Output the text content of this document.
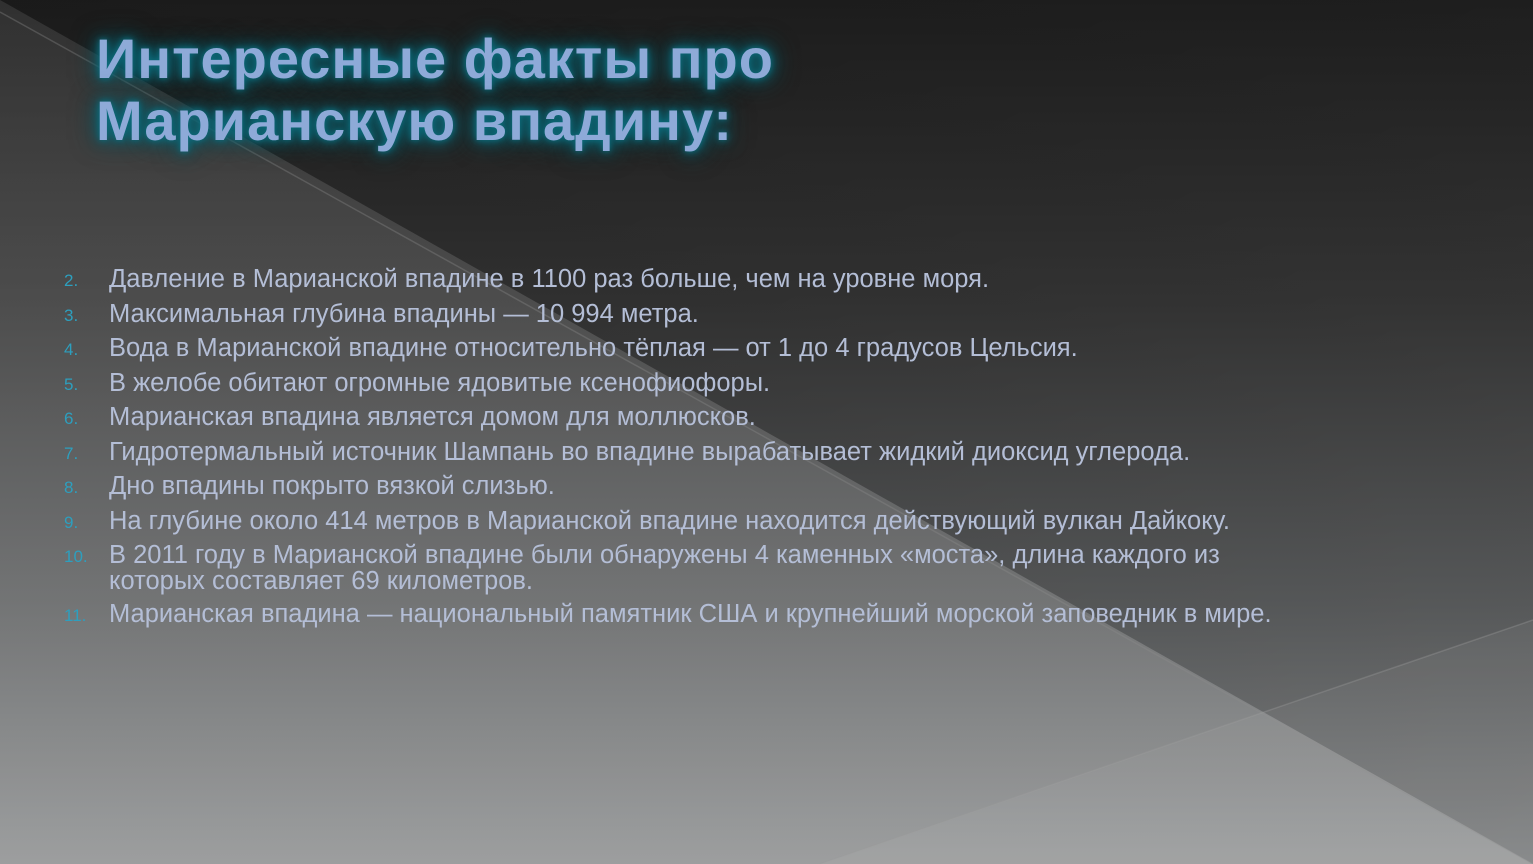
Интересные факты про
Марианскую впадину:
2.	Давление в Марианской впадине в 1100 раз больше, чем на уровне моря.
3.	Максимальная глубина впадины — 10 994 метра.
4.	Вода в Марианской впадине относительно тёплая — от 1 до 4 градусов Цельсия.
5.	В желобе обитают огромные ядовитые ксенофиофоры.
6.	Марианская впадина является домом для моллюсков.
7.	Гидротермальный источник Шампань во впадине вырабатывает жидкий диоксид углерода.
8.	Дно впадины покрыто вязкой слизью.
9.	На глубине около 414 метров в Марианской впадине находится действующий вулкан Дайкоку.
10. В 2011 году в Марианской впадине были обнаружены 4 каменных «моста», длина каждого из которых составляет 69 километров.
11. Марианская впадина — национальный памятник США и крупнейший морской заповедник в мире.
